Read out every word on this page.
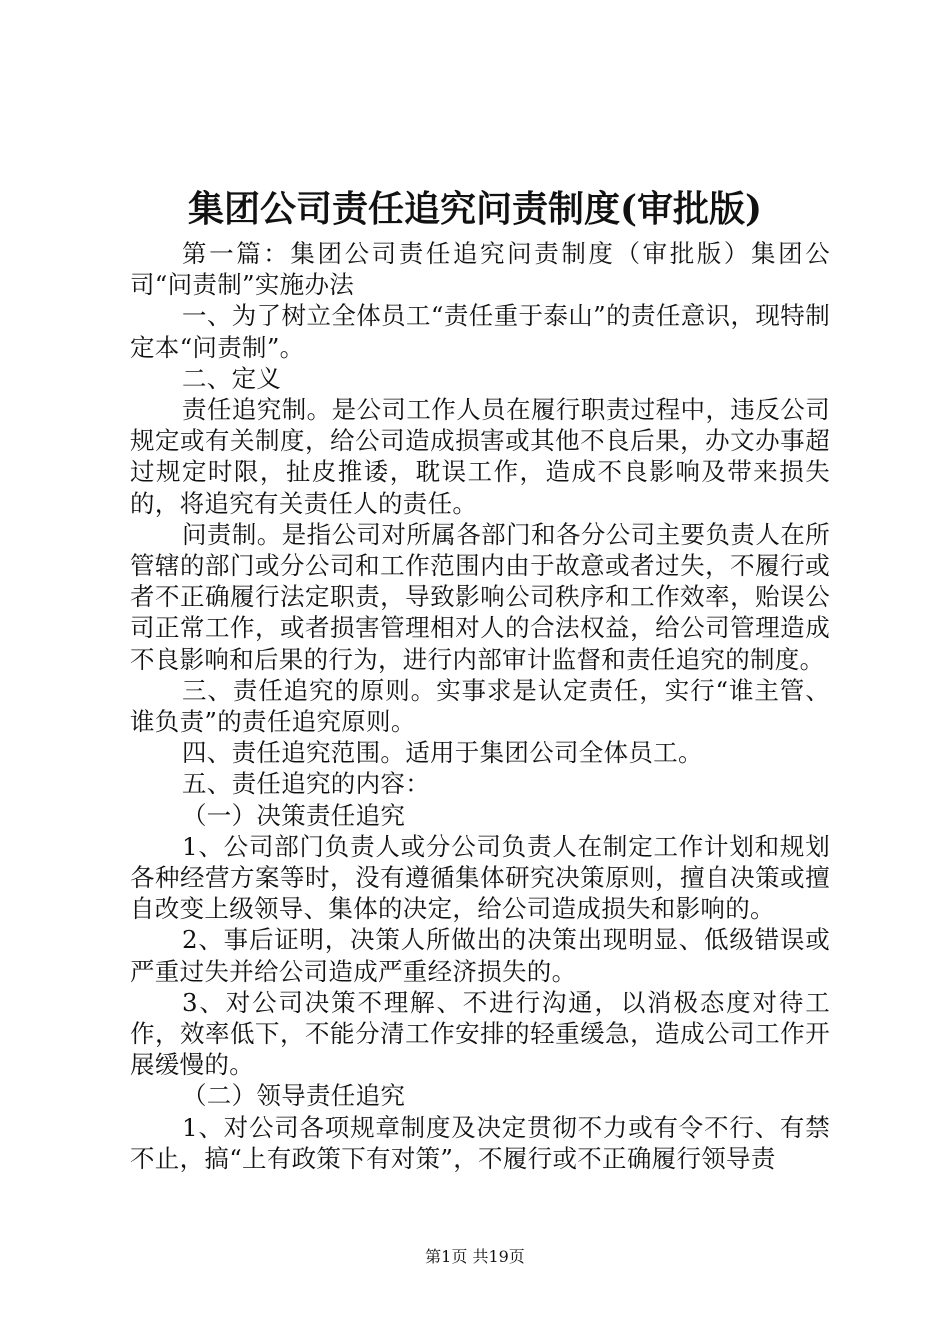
集团公司责任追究问责制度(审批版)

第一篇：集团公司责任追究问责制度（审批版）集团公司“问责制”实施办法

一、为了树立全体员工“责任重于泰山”的责任意识，现特制定本“问责制”。

二、定义

责任追究制。是公司工作人员在履行职责过程中，违反公司规定或有关制度，给公司造成损害或其他不良后果，办文办事超过规定时限，扯皮推诿，耽误工作，造成不良影响及带来损失的，将追究有关责任人的责任。

问责制。是指公司对所属各部门和各分公司主要负责人在所管辖的部门或分公司和工作范围内由于故意或者过失，不履行或者不正确履行法定职责，导致影响公司秩序和工作效率，贻误公司正常工作，或者损害管理相对人的合法权益，给公司管理造成不良影响和后果的行为，进行内部审计监督和责任追究的制度。

三、责任追究的原则。实事求是认定责任，实行“谁主管、谁负责”的责任追究原则。

四、责任追究范围。适用于集团公司全体员工。

五、责任追究的内容：

（一）决策责任追究

1、公司部门负责人或分公司负责人在制定工作计划和规划各种经营方案等时，没有遵循集体研究决策原则，擅自决策或擅自改变上级领导、集体的决定，给公司造成损失和影响的。

2、事后证明，决策人所做出的决策出现明显、低级错误或严重过失并给公司造成严重经济损失的。

3、对公司决策不理解、不进行沟通，以消极态度对待工作，效率低下，不能分清工作安排的轻重缓急，造成公司工作开展缓慢的。

（二）领导责任追究

1、对公司各项规章制度及决定贯彻不力或有令不行、有禁不止，搞“上有政策下有对策”，不履行或不正确履行领导责

第1页 共19页
